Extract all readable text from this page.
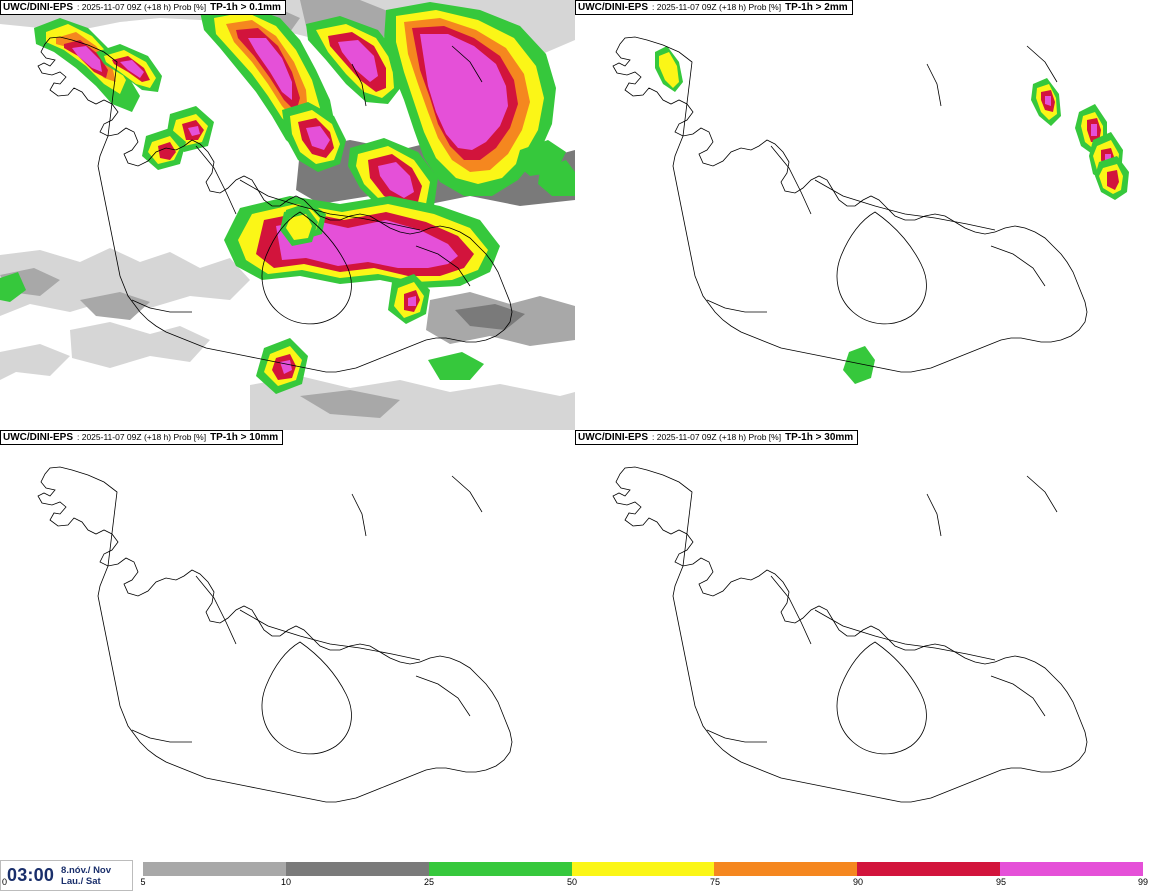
UWC/DINI-EPS : 2025-11-07 09Z (+18 h) Prob [%] TP-1h > 0.1mm	UWC/DINI-EPS : 2025-11-07 09Z (+18 h) Prob [%] TP-1h > 2mm
UWC/DINI-EPS : 2025-11-07 09Z (+18 h) Prob [%] TP-1h > 10mm	UWC/DINI-EPS : 2025-11-07 09Z (+18 h) Prob [%] TP-1h > 30mm
03:00 8.nóv./ Nov
Lau./ Sat
0	5	10	25	50	75	90	95	99
